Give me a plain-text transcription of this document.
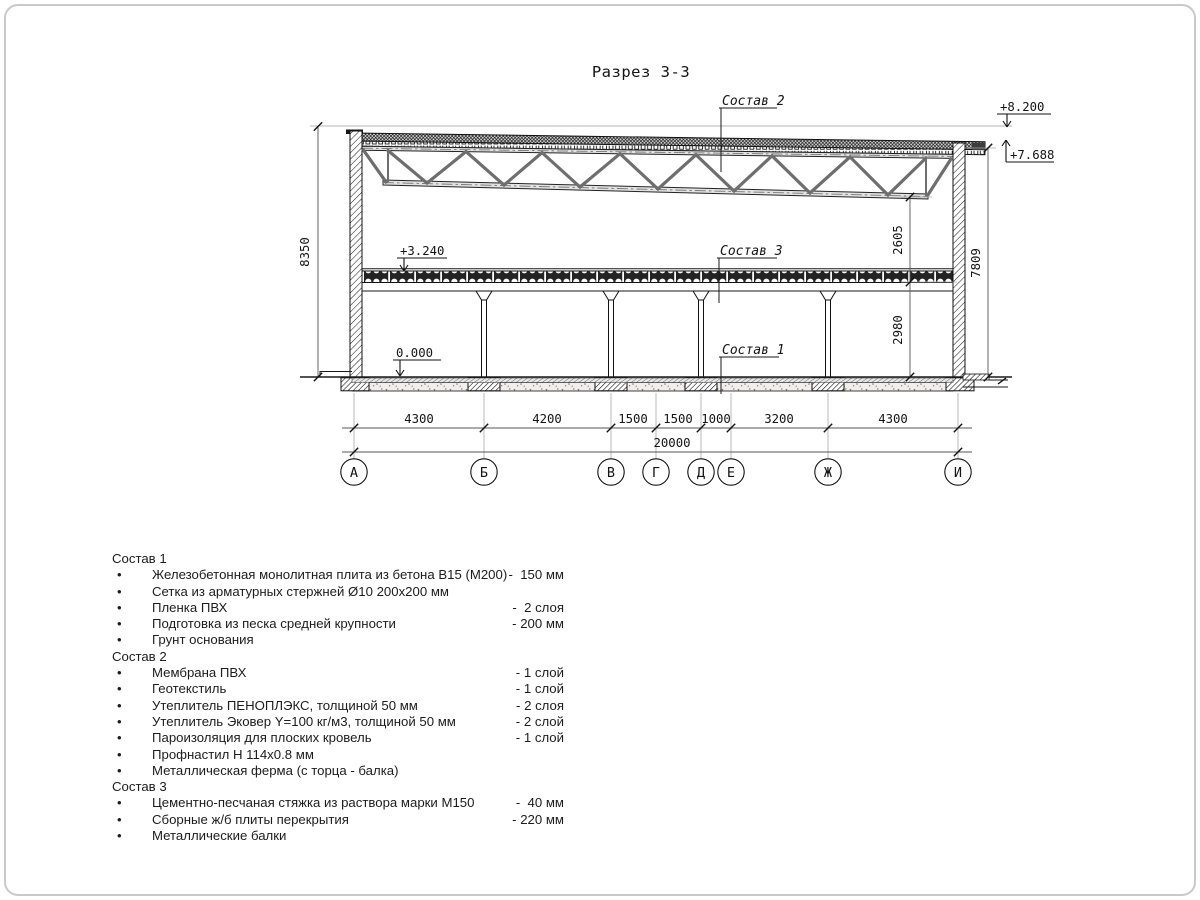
Разрез 3-3
Состав 2
Состав 3
Состав 1
+8.200
+7.688
+3.240
0.000
8350	2605
2980
7809
4300	4200	1500 1500 1000	3200	4300
20000
А	Б	В	Г	Д Е	Ж	И
Состав 1
•
Железобетонная монолитная плита из бетона В15 (М200) -  150 мм
•
Сетка из арматурных стержней Ø10 200x200 мм
•
Пленка ПВХ	-  2 слоя
•
Подготовка из песка средней крупности	- 200 мм
•
Грунт основания
Состав 2
•
Мембрана ПВХ	- 1 слой
•
Геотекстиль	- 1 слой
•
Утеплитель ПЕНОПЛЭКС, толщиной 50 мм	- 2 слоя
•
Утеплитель Эковер Y=100 кг/м3, толщиной 50 мм	- 2 слой
•
Пароизоляция для плоских кровель	- 1 слой
•
Профнастил Н 114x0.8 мм
•
Металлическая ферма (с торца - балка)
Состав 3
•
Цементно-песчаная стяжка из раствора марки М150	-  40 мм
•
Сборные ж/б плиты перекрытия	- 220 мм
•
Металлические балки
